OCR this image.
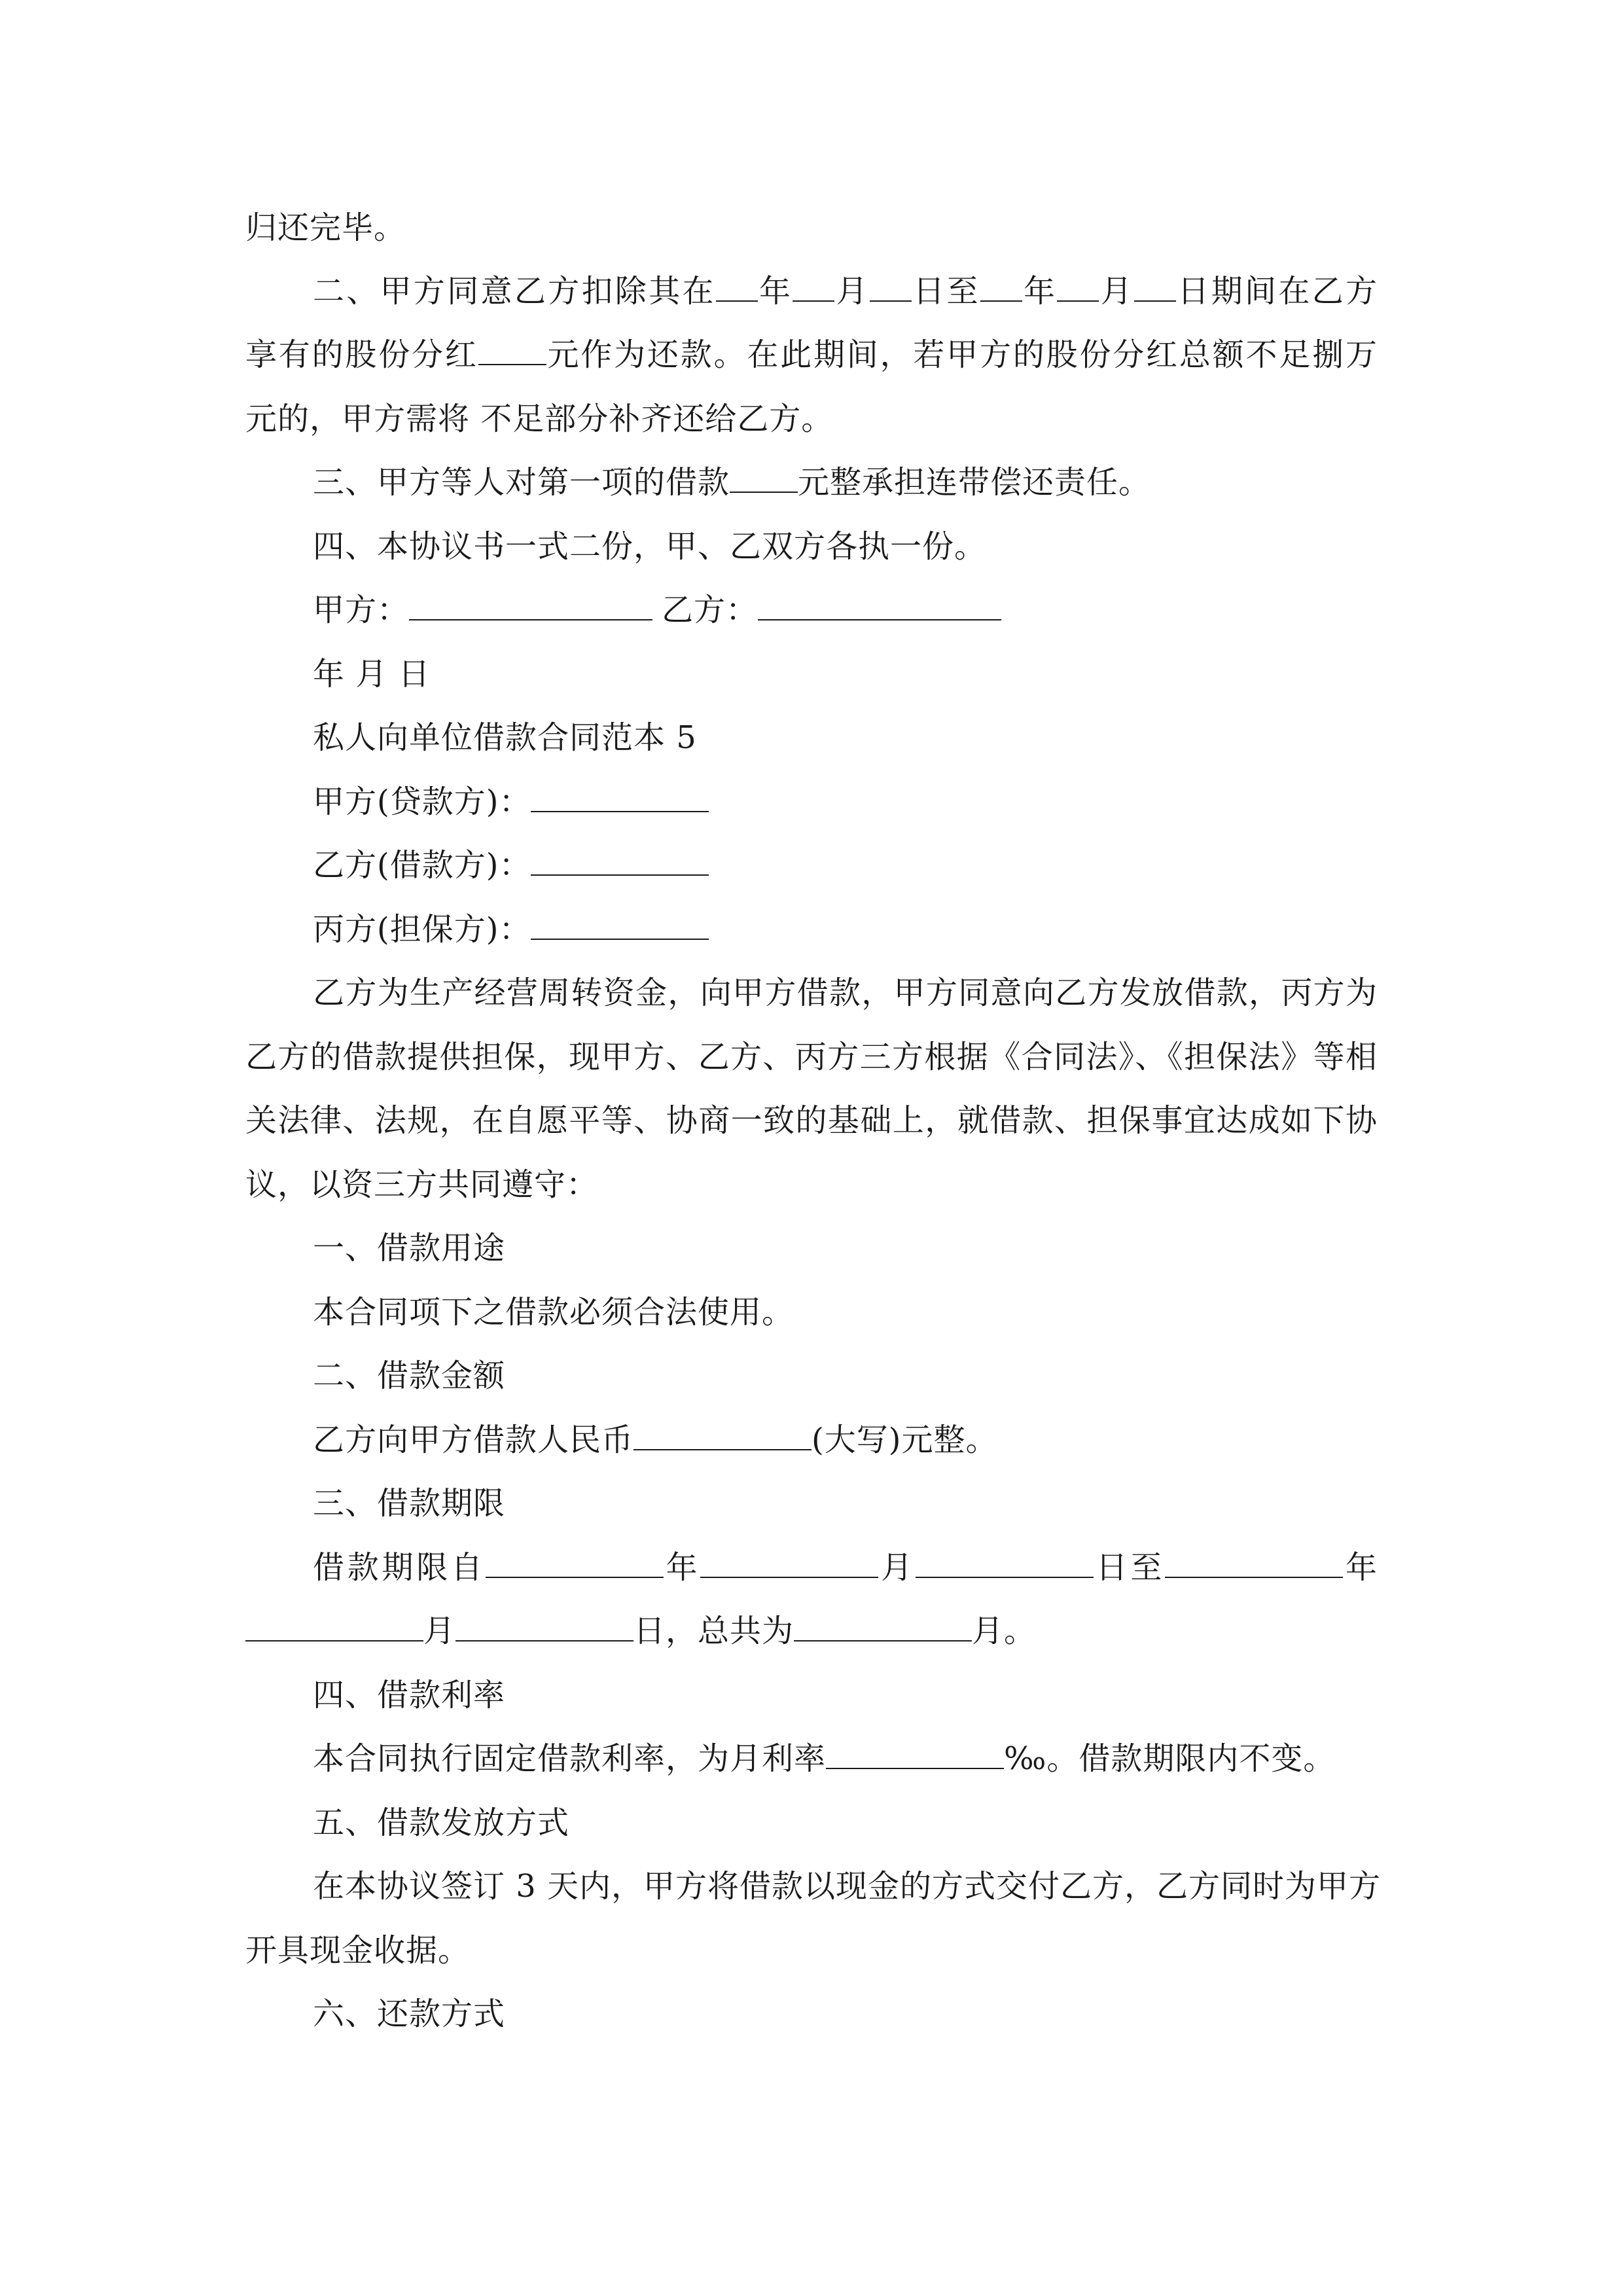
归还完毕。
二、甲方同意乙方扣除其在 年 月 日至 年 月 日期间在乙方
享有的股份分红 元作为还款。在此期间，若甲方的股份分红总额不足捌万
元的，甲方需将 不足部分补齐还给乙方。
三、甲方等人对第一项的借款 元整承担连带偿还责任。
四、本协议书一式二份，甲、乙双方各执一份。
甲方：	乙方：
年 月 日
私人向单位借款合同范本 5
甲方(贷款方)：
乙方(借款方)：
丙方(担保方)：
乙方为生产经营周转资金，向甲方借款，甲方同意向乙方发放借款，丙方为
乙方的借款提供担保，现甲方、乙方、丙方三方根据《合同法》、《担保法》等相
关法律、法规，在自愿平等、协商一致的基础上，就借款、担保事宜达成如下协
议，以资三方共同遵守：
一、借款用途
本合同项下之借款必须合法使用。
二、借款金额
乙方向甲方借款人民币	(大写)元整。
三、借款期限
借款期限自	年	月	日至	年
月	日，总共为	月。
四、借款利率
本合同执行固定借款利率，为月利率	‰。借款期限内不变。
五、借款发放方式
在本协议签订 3 天内，甲方将借款以现金的方式交付乙方，乙方同时为甲方
开具现金收据。
六、还款方式
